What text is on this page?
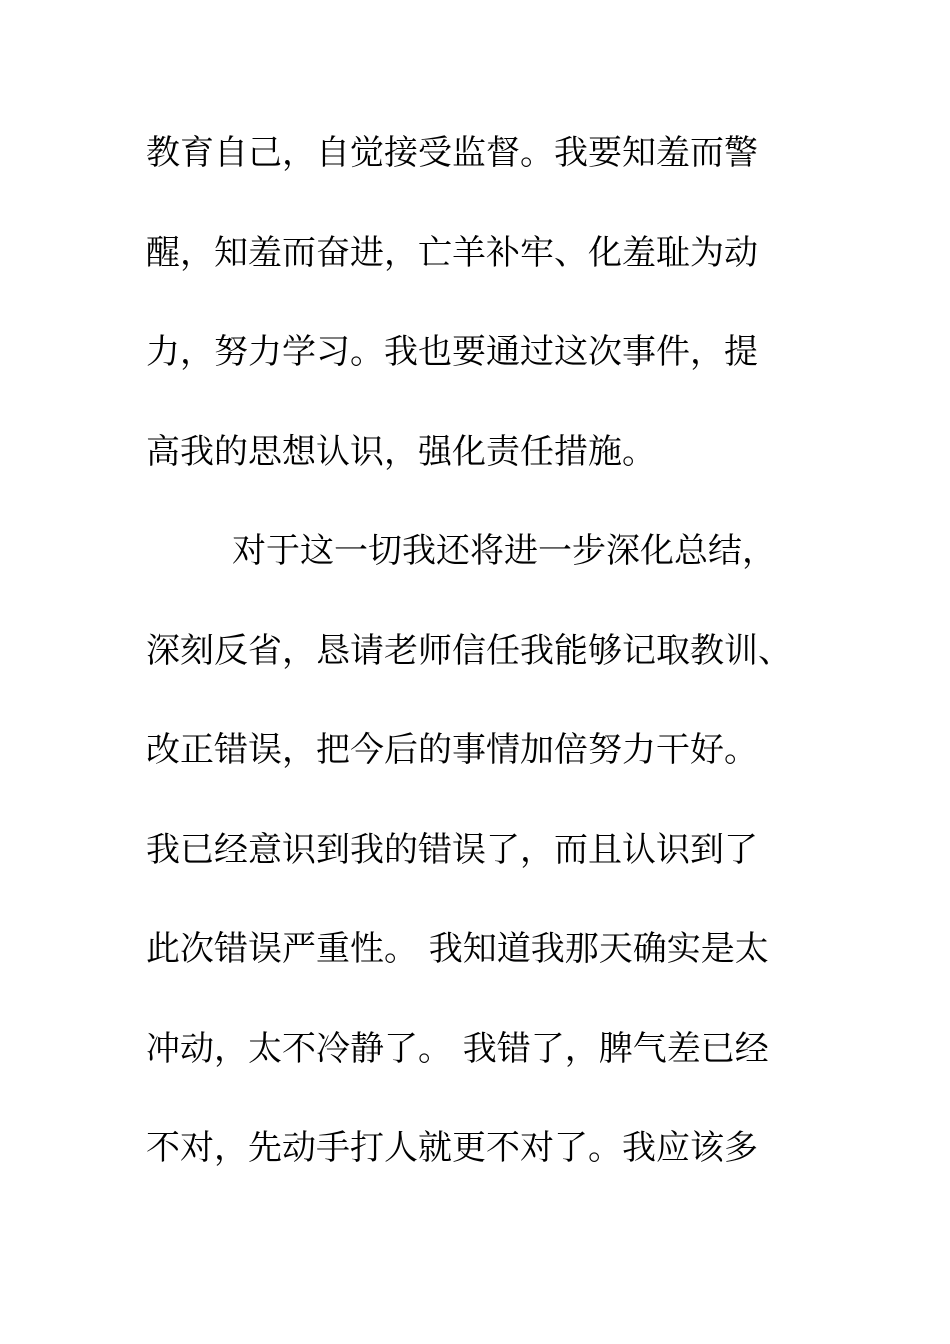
教育自己，自觉接受监督。我要知羞而警
醒，知羞而奋进，亡羊补牢、化羞耻为动
力，努力学习。我也要通过这次事件，提
高我的思想认识，强化责任措施。
对于这一切我还将进一步深化总结，
深刻反省，恳请老师信任我能够记取教训、
改正错误，把今后的事情加倍努力干好。
我已经意识到我的错误了，而且认识到了
此次错误严重性。 我知道我那天确实是太
冲动，太不冷静了。 我错了，脾气差已经
不对，先动手打人就更不对了。我应该多
